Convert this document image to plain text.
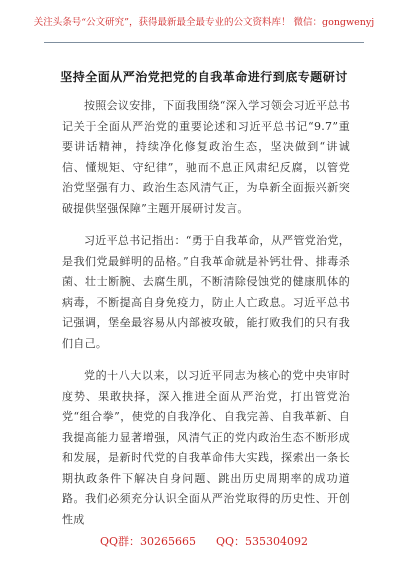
关注头条号“公文研究”，获得最新最全最专业的公文资料库！ 微信：gongwenyj
坚持全面从严治党把党的自我革命进行到底专题研讨

按照会议安排，下面我围绕“深入学习领会习近平总书记关于全面从严治党的重要论述和习近平总书记“9.7”重要讲话精神，持续净化修复政治生态，坚决做到“讲诚信、懂规矩、守纪律”，驰而不息正风肃纪反腐，以管党治党坚强有力、政治生态风清气正，为阜新全面振兴新突破提供坚强保障”主题开展研讨发言。

习近平总书记指出：“勇于自我革命，从严管党治党，是我们党最鲜明的品格。”自我革命就是补钙壮骨、排毒杀菌、壮士断腕、去腐生肌，不断清除侵蚀党的健康肌体的病毒，不断提高自身免疫力，防止人亡政息。习近平总书记强调，堡垒最容易从内部被攻破，能打败我们的只有我们自己。

党的十八大以来，以习近平同志为核心的党中央审时度势、果敢抉择，深入推进全面从严治党，打出管党治党“组合拳”，使党的自我净化、自我完善、自我革新、自我提高能力显著增强，风清气正的党内政治生态不断形成和发展，是新时代党的自我革命伟大实践，探索出一条长期执政条件下解决自身问题、跳出历史周期率的成功道路。我们必须充分认识全面从严治党取得的历史性、开创性成

QQ群：30265665 QQ：535304092
